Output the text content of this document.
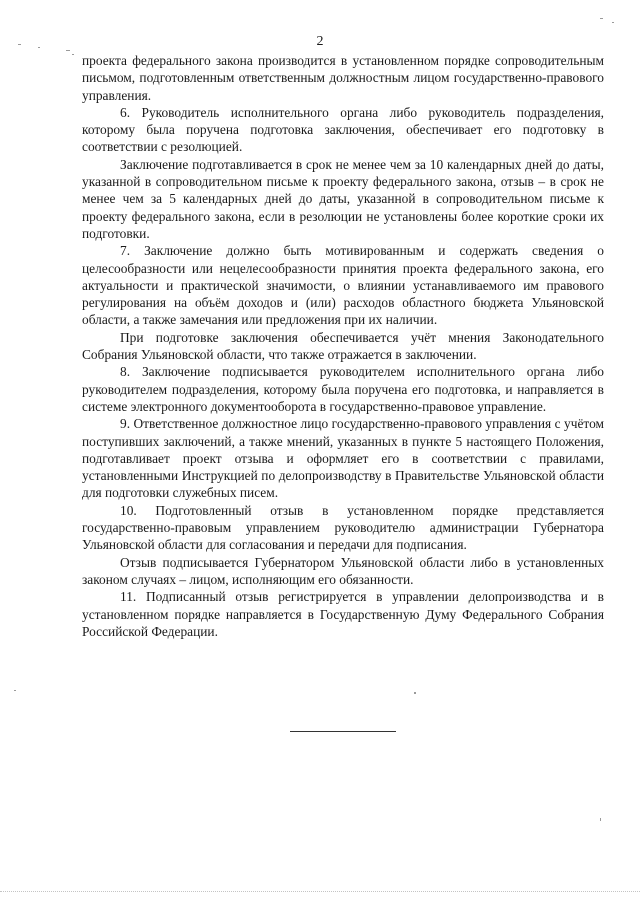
2

проекта федерального закона производится в установленном порядке сопроводительным письмом, подготовленным ответственным должностным лицом государственно-правового управления.

6. Руководитель исполнительного органа либо руководитель подразделения, которому была поручена подготовка заключения, обеспечивает его подготовку в соответствии с резолюцией.

Заключение подготавливается в срок не менее чем за 10 календарных дней до даты, указанной в сопроводительном письме к проекту федерального закона, отзыв – в срок не менее чем за 5 календарных дней до даты, указанной в сопроводительном письме к проекту федерального закона, если в резолюции не установлены более короткие сроки их подготовки.

7. Заключение должно быть мотивированным и содержать сведения о целесообразности или нецелесообразности принятия проекта федерального закона, его актуальности и практической значимости, о влиянии устанавливаемого им правового регулирования на объём доходов и (или) расходов областного бюджета Ульяновской области, а также замечания или предложения при их наличии.

При подготовке заключения обеспечивается учёт мнения Законодательного Собрания Ульяновской области, что также отражается в заключении.

8. Заключение подписывается руководителем исполнительного органа либо руководителем подразделения, которому была поручена его подготовка, и направляется в системе электронного документооборота в государственно-правовое управление.

9. Ответственное должностное лицо государственно-правового управления с учётом поступивших заключений, а также мнений, указанных в пункте 5 настоящего Положения, подготавливает проект отзыва и оформляет его в соответствии с правилами, установленными Инструкцией по делопроизводству в Правительстве Ульяновской области для подготовки служебных писем.

10. Подготовленный отзыв в установленном порядке представляется государственно-правовым управлением руководителю администрации Губернатора Ульяновской области для согласования и передачи для подписания.

Отзыв подписывается Губернатором Ульяновской области либо в установленных законом случаях – лицом, исполняющим его обязанности.

11. Подписанный отзыв регистрируется в управлении делопроизводства и в установленном порядке направляется в Государственную Думу Федерального Собрания Российской Федерации.
